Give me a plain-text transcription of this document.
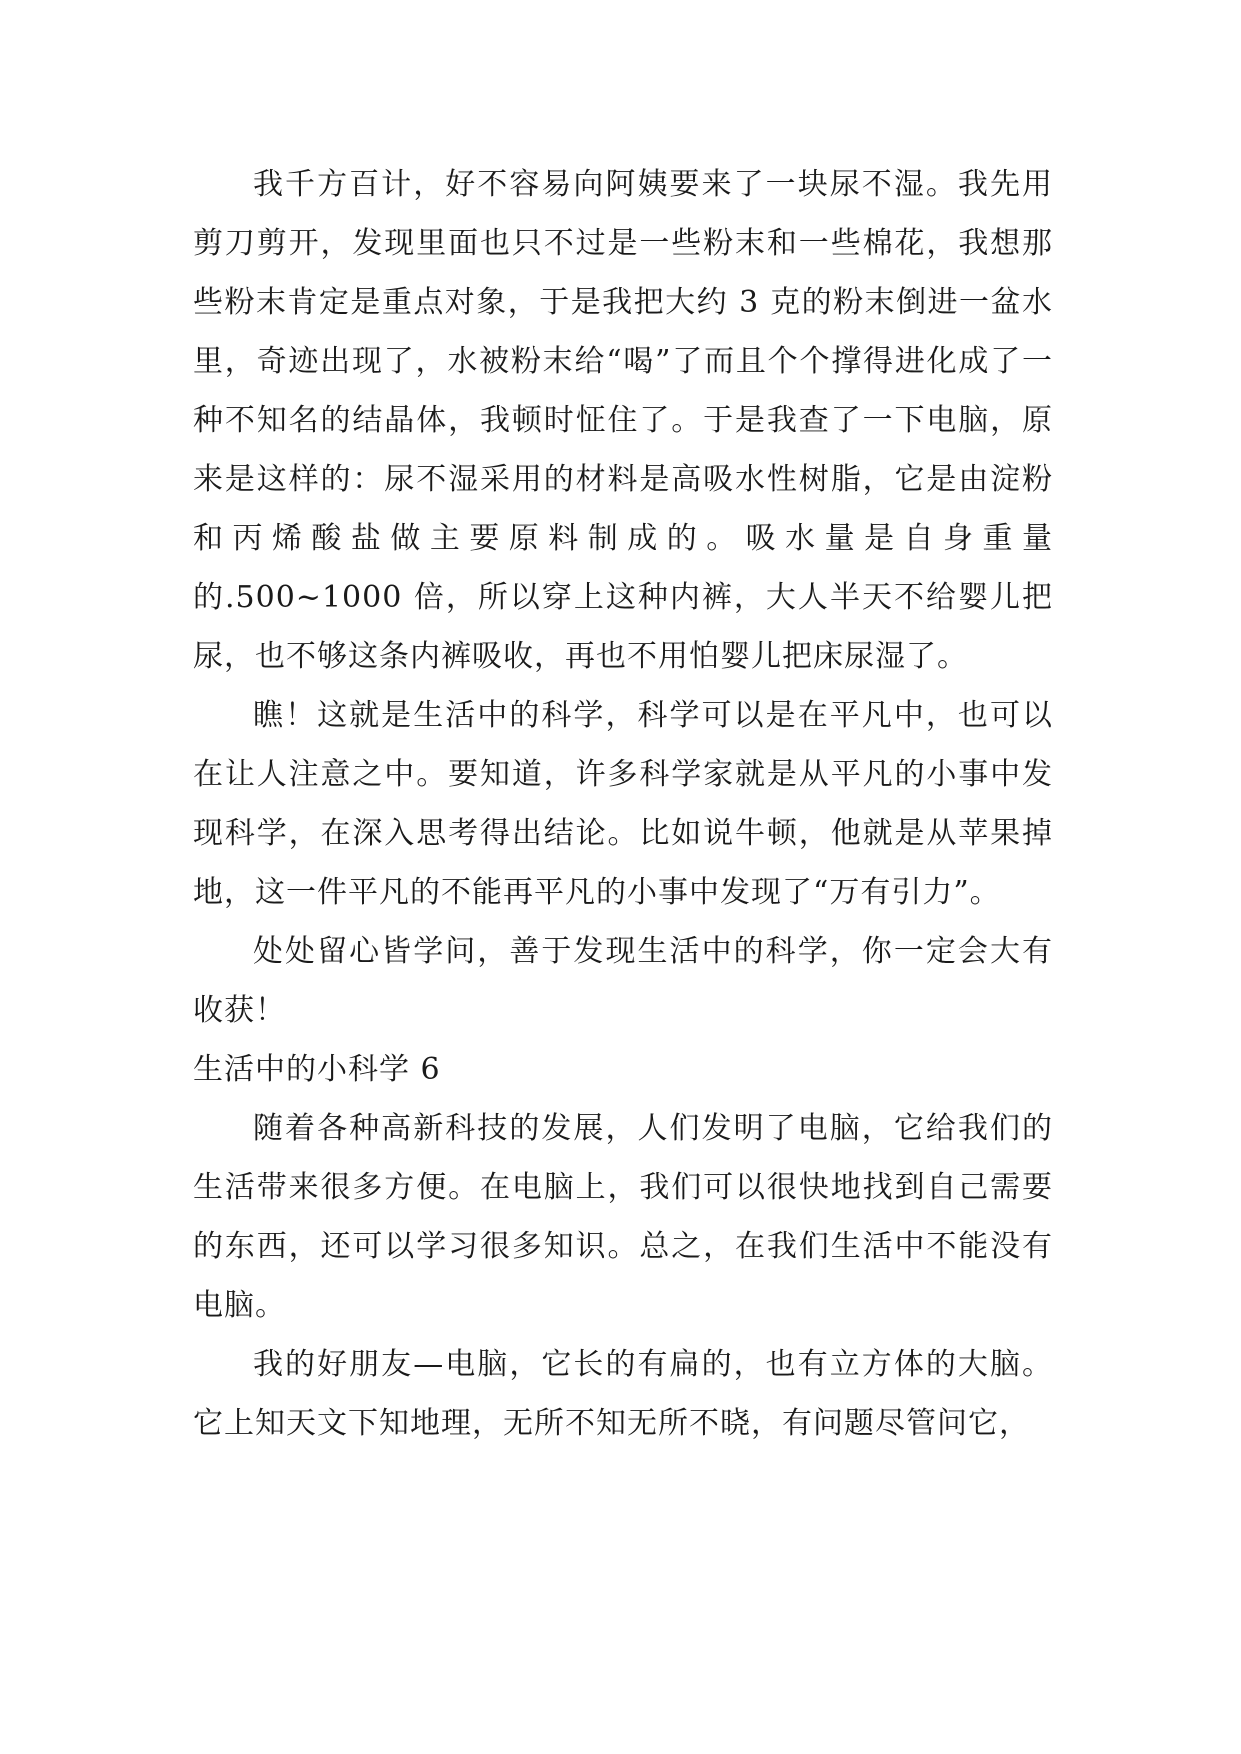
我千方百计，好不容易向阿姨要来了一块尿不湿。我先用剪刀剪开，发现里面也只不过是一些粉末和一些棉花，我想那些粉末肯定是重点对象，于是我把大约 3 克的粉末倒进一盆水里，奇迹出现了，水被粉末给“喝”了而且个个撑得进化成了一种不知名的结晶体，我顿时怔住了。于是我查了一下电脑，原来是这样的：尿不湿采用的材料是高吸水性树脂，它是由淀粉和丙烯酸盐做主要原料制成的。吸水量是自身重量的.500~1000 倍，所以穿上这种内裤，大人半天不给婴儿把尿，也不够这条内裤吸收，再也不用怕婴儿把床尿湿了。

瞧！这就是生活中的科学，科学可以是在平凡中，也可以在让人注意之中。要知道，许多科学家就是从平凡的小事中发现科学，在深入思考得出结论。比如说牛顿，他就是从苹果掉地，这一件平凡的不能再平凡的小事中发现了“万有引力”。

处处留心皆学问，善于发现生活中的科学，你一定会大有收获！

生活中的小科学 6

随着各种高新科技的发展，人们发明了电脑，它给我们的生活带来很多方便。在电脑上，我们可以很快地找到自己需要的东西，还可以学习很多知识。总之，在我们生活中不能没有电脑。

我的好朋友—电脑，它长的有扁的，也有立方体的大脑。它上知天文下知地理，无所不知无所不晓，有问题尽管问它，
